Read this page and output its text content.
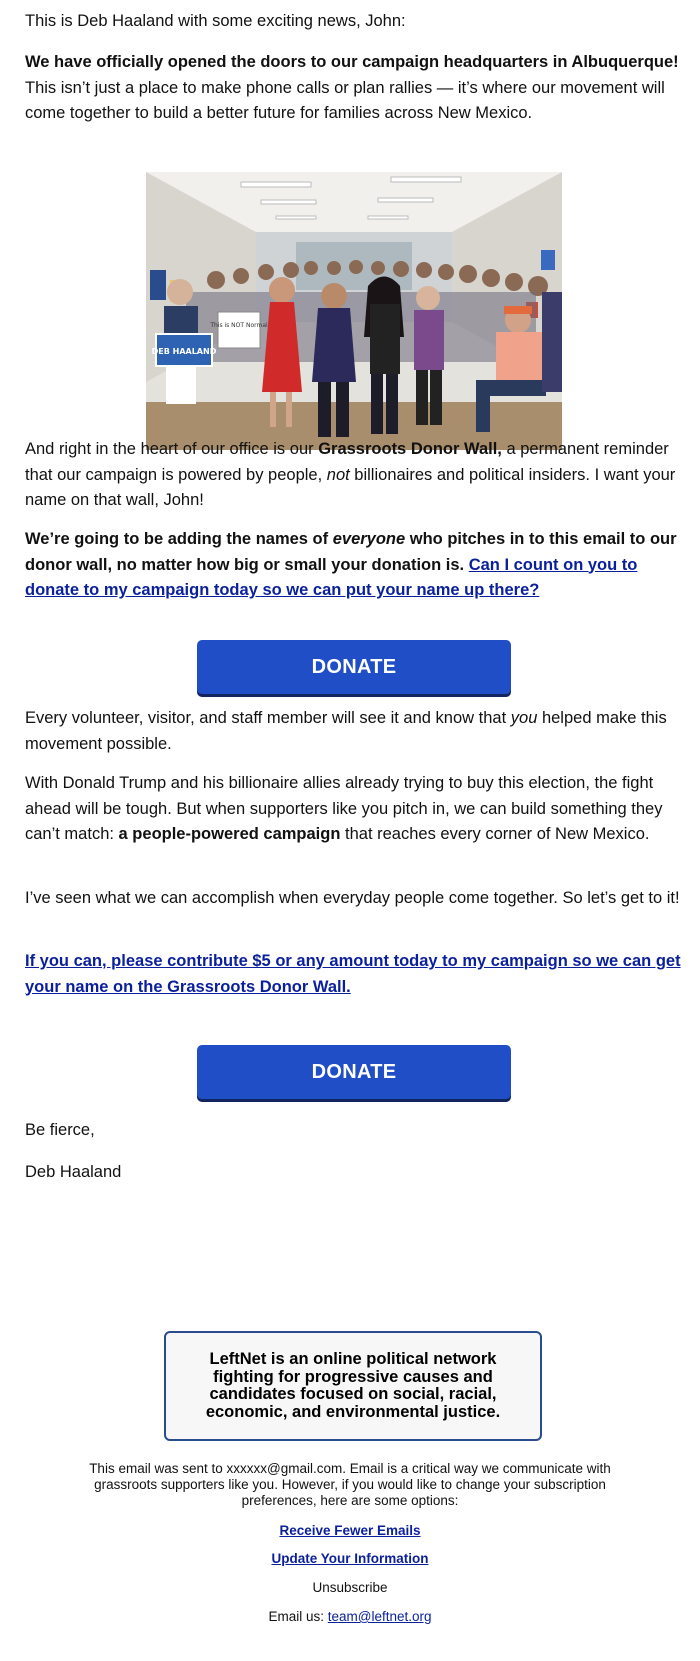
This is Deb Haaland with some exciting news, John:

We have officially opened the doors to our campaign headquarters in Albuquerque! This isn’t just a place to make phone calls or plan rallies — it’s where our movement will come together to build a better future for families across New Mexico.

DEB HAALAND
This is NOT Normal

And right in the heart of our office is our Grassroots Donor Wall, a permanent reminder that our campaign is powered by people, not billionaires and political insiders. I want your name on that wall, John!

We’re going to be adding the names of everyone who pitches in to this email to our donor wall, no matter how big or small your donation is. Can I count on you to donate to my campaign today so we can put your name up there?

DONATE

Every volunteer, visitor, and staff member will see it and know that you helped make this movement possible.

With Donald Trump and his billionaire allies already trying to buy this election, the fight ahead will be tough. But when supporters like you pitch in, we can build something they can’t match: a people-powered campaign that reaches every corner of New Mexico.

I’ve seen what we can accomplish when everyday people come together. So let’s get to it!

If you can, please contribute $5 or any amount today to my campaign so we can get your name on the Grassroots Donor Wall.

DONATE

Be fierce,

Deb Haaland

LeftNet is an online political network fighting for progressive causes and candidates focused on social, racial, economic, and environmental justice.
This email was sent to xxxxxx@gmail.com. Email is a critical way we communicate with grassroots supporters like you. However, if you would like to change your subscription preferences, here are some options:
Receive Fewer Emails
Update Your Information
Unsubscribe
Email us: team@leftnet.org
